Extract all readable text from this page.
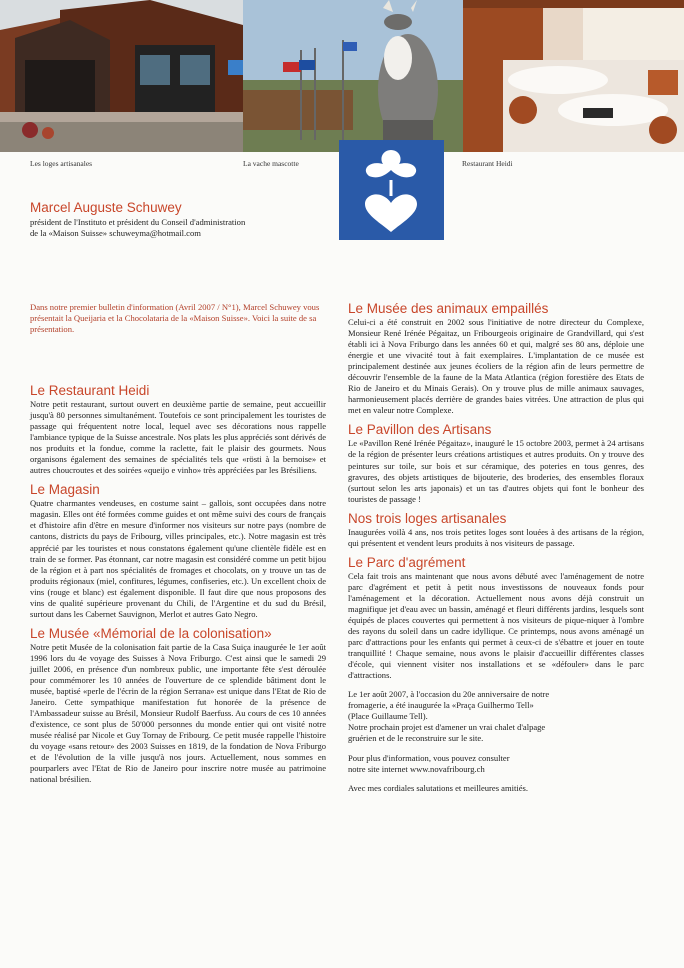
Les loges artisanales	La vache mascotte	Restaurant Heidi
Marcel Auguste Schuwey
président de l'Instituto et président du Conseil d'administration
de la «Maison Suisse» schuweyma@hotmail.com
Dans notre premier bulletin d'information (Avril 2007 / N°1), Marcel Schuwey vous présentait la Queijaria et la Chocolataria de la «Maison Suisse». Voici la suite de sa présentation.
Le Restaurant Heidi

Notre petit restaurant, surtout ouvert en deuxième partie de semaine, peut accueillir jusqu'à 80 personnes simultanément. Toutefois ce sont principalement les touristes de passage qui fréquentent notre local, lequel avec ses décorations nous rappelle l'ambiance typique de la Suisse ancestrale. Nos plats les plus appréciés sont dérivés de nos produits et la fondue, comme la raclette, fait le plaisir des gourmets. Nous organisons également des semaines de spécialités tels que «rösti à la bernoise» et autres choucroutes et des soirées «queijo e vinho» très appréciées par les Brésiliens.

Le Magasin

Quatre charmantes vendeuses, en costume saint – gallois, sont occupées dans notre magasin. Elles ont été formées comme guides et ont même suivi des cours de français et d'histoire afin d'être en mesure d'informer nos visiteurs sur notre pays (nombre de cantons, districts du pays de Fribourg, villes principales, etc.). Notre magasin est très apprécié par les touristes et nous constatons également qu'une clientèle fidèle est en train de se former. Pas étonnant, car notre magasin est considéré comme un petit bijou de la région et à part nos spécialités de fromages et chocolats, on y trouve un tas de produits régionaux (miel, confitures, légumes, confiseries, etc.). Un excellent choix de vins (rouge et blanc) est également disponible. Il faut dire que nous proposons des vins de qualité supérieure provenant du Chili, de l'Argentine et du sud du Brésil, surtout dans les Cabernet Sauvignon, Merlot et autres Gato Negro.

Le Musée «Mémorial de la colonisation»

Notre petit Musée de la colonisation fait partie de la Casa Suiça inaugurée le 1er août 1996 lors du 4e voyage des Suisses à Nova Friburgo. C'est ainsi que le samedi 29 juillet 2006, en présence d'un nombreux public, une importante fête s'est déroulée pour commémorer les 10 années de l'ouverture de ce splendide bâtiment dont le musée, baptisé «perle de l'écrin de la région Serrana» est unique dans l'Etat de Rio de Janeiro. Cette sympathique manifestation fut honorée de la présence de l'Ambassadeur suisse au Brésil, Monsieur Rudolf Baerfuss. Au cours de ces 10 années d'existence, ce sont plus de 50'000 personnes du monde entier qui ont visité notre musée réalisé par Nicole et Guy Tornay de Fribourg. Ce petit musée rappelle l'histoire du voyage «sans retour» des 2003 Suisses en 1819, de la fondation de Nova Friburgo et de l'évolution de la ville jusqu'à nos jours. Actuellement, nous sommes en pourparlers avec l'Etat de Rio de Janeiro pour inscrire notre musée au patrimoine national brésilien.

Le Musée des animaux empaillés

Celui-ci a été construit en 2002 sous l'initiative de notre directeur du Complexe, Monsieur René Irénée Pégaitaz, un Fribourgeois originaire de Grandvillard, qui s'est établi ici à Nova Friburgo dans les années 60 et qui, malgré ses 80 ans, déploie une énergie et une vivacité tout à fait exemplaires. L'implantation de ce musée est principalement destinée aux jeunes écoliers de la région afin de leurs permettre de découvrir l'ensemble de la faune de la Mata Atlantica (région forestière des Etats de Rio de Janeiro et du Minais Gerais). On y trouve plus de mille animaux sauvages, harmonieusement placés derrière de grandes baies vitrées. Une attraction de plus qui met en valeur notre Complexe.

Le Pavillon des Artisans

Le «Pavillon René Irénée Pégaitaz», inauguré le 15 octobre 2003, permet à 24 artisans de la région de présenter leurs créations artistiques et autres produits. On y trouve des peintures sur toile, sur bois et sur céramique, des poteries en tous genres, des gravures, des objets artistiques de bijouterie, des broderies, des ensembles floraux (surtout selon les arts japonais) et un tas d'autres objets qui font le bonheur des touristes de passage !

Nos trois loges artisanales

Inaugurées voilà 4 ans, nos trois petites loges sont louées à des artisans de la région, qui présentent et vendent leurs produits à nos visiteurs de passage.

Le Parc d'agrément

Cela fait trois ans maintenant que nous avons débuté avec l'aménagement de notre parc d'agrément et petit à petit nous investissons de nouveaux fonds pour l'aménagement et la décoration. Actuellement nous avons déjà construit un magnifique jet d'eau avec un bassin, aménagé et fleuri différents jardins, lesquels sont équipés de places couvertes qui permettent à nos visiteurs de pique-niquer à l'ombre des rayons du soleil dans un cadre idyllique. Ce printemps, nous avons aménagé un parc d'attractions pour les enfants qui permet à ceux-ci de s'ébattre et jouer en toute tranquillité ! Chaque semaine, nous avons le plaisir d'accueillir différentes classes d'école, qui viennent visiter nos installations et se «défouler» dans le parc d'attractions.

Le 1er août 2007, à l'occasion du 20e anniversaire de notre
fromagerie, a été inaugurée la «Praça Guilhermo Tell»
(Place Guillaume Tell).
Notre prochain projet est d'amener un vrai chalet d'alpage
gruérien et de le reconstruire sur le site.

Pour plus d'information, vous pouvez consulter
notre site internet www.novafribourg.ch

Avec mes cordiales salutations et meilleures amitiés.
